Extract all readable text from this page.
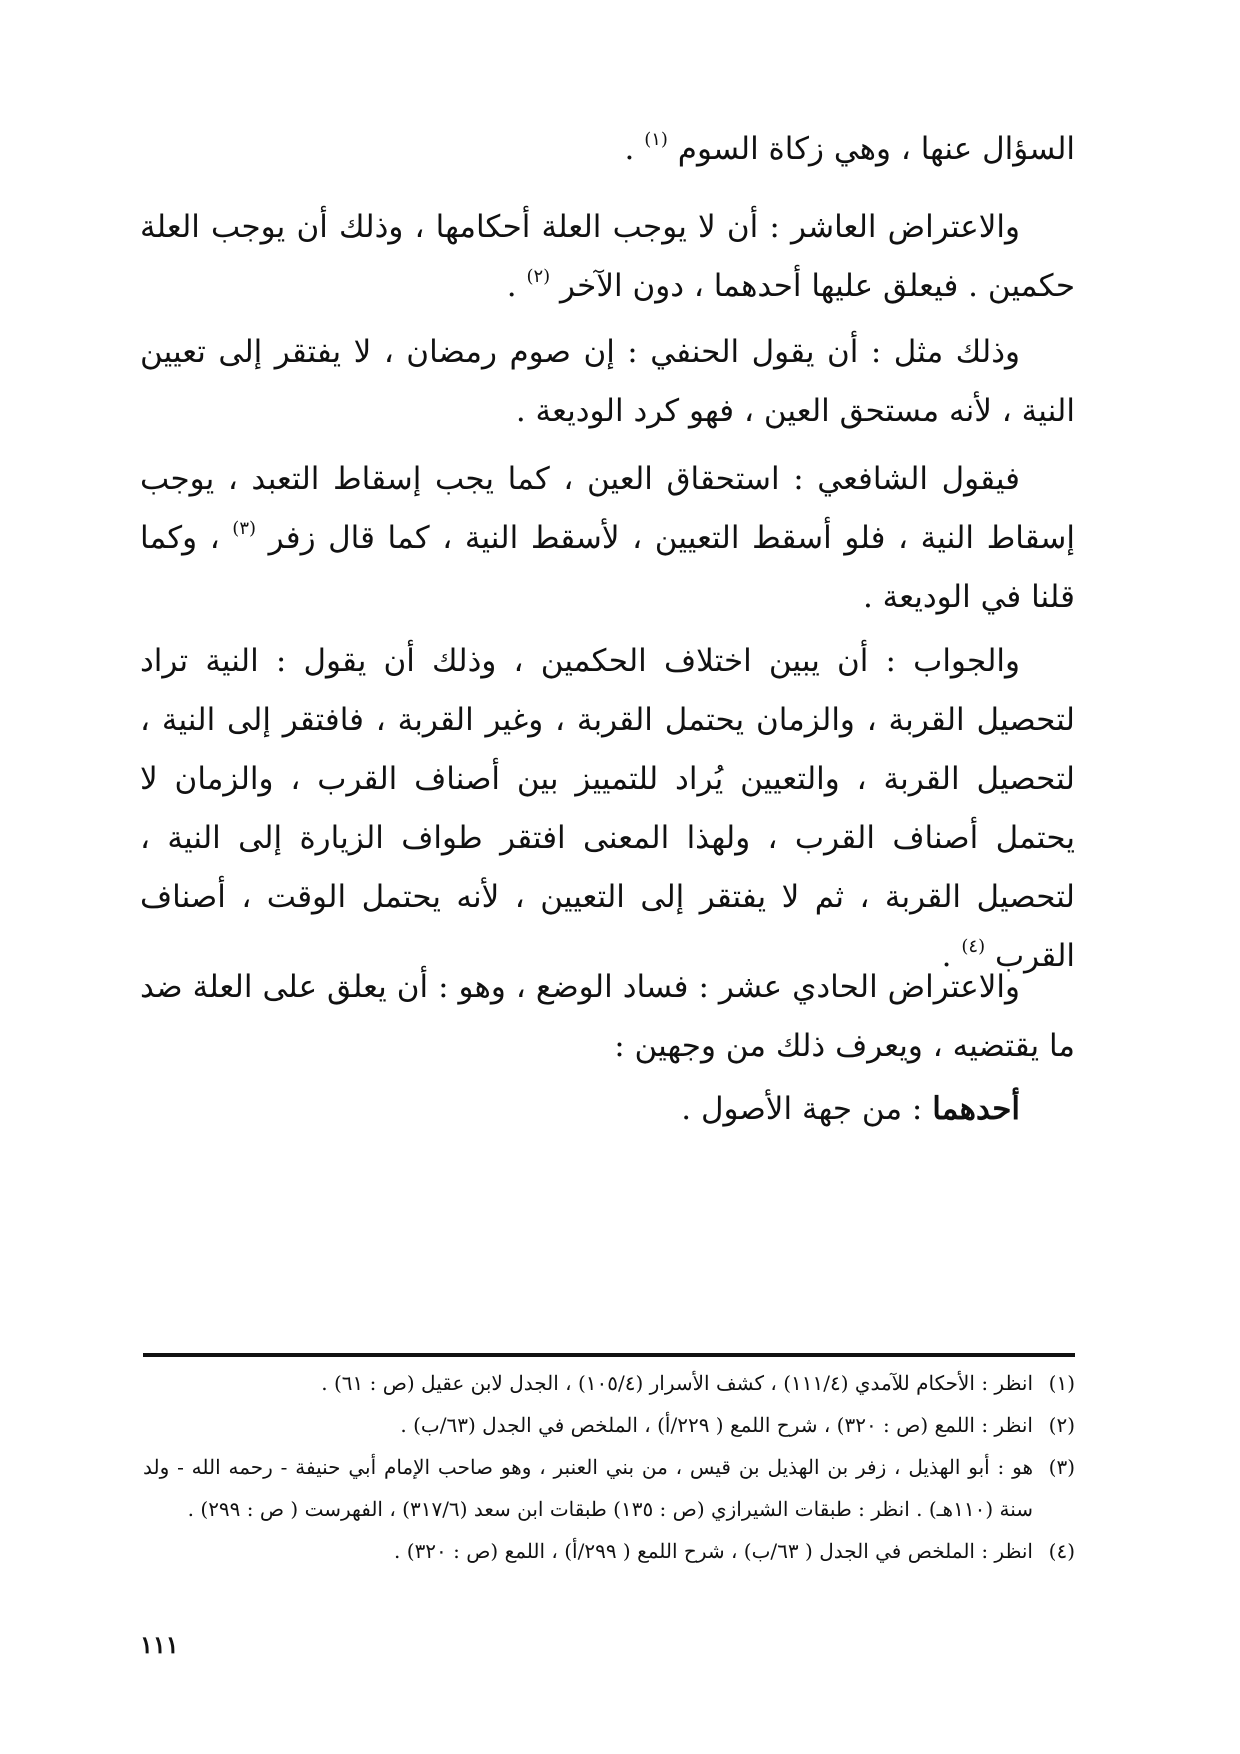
السؤال عنها ، وهي زكاة السوم $^{(١)}$ .

والاعتراض العاشر : أن لا يوجب العلة أحكامها ، وذلك أن يوجب العلة حكمين . فيعلق عليها أحدهما ، دون الآخر $^{(٢)}$ .

وذلك مثل : أن يقول الحنفي : إن صوم رمضان ، لا يفتقر إلى تعيين النية ، لأنه مستحق العين ، فهو كرد الوديعة .

فيقول الشافعي : استحقاق العين ، كما يجب إسقاط التعبد ، يوجب إسقاط النية ، فلو أسقط التعيين ، لأسقط النية ، كما قال زفر $^{(٣)}$ ، وكما قلنا في الوديعة .

والجواب : أن يبين اختلاف الحكمين ، وذلك أن يقول : النية تراد لتحصيل القربة ، والزمان يحتمل القربة ، وغير القربة ، فافتقر إلى النية ، لتحصيل القربة ، والتعيين يُراد للتمييز بين أصناف القرب ، والزمان لا يحتمل أصناف القرب ، ولهذا المعنى افتقر طواف الزيارة إلى النية ، لتحصيل القربة ، ثم لا يفتقر إلى التعيين ، لأنه يحتمل الوقت ، أصناف القرب $^{(٤)}$ .

والاعتراض الحادي عشر : فساد الوضع ، وهو : أن يعلق على العلة ضد ما يقتضيه ، ويعرف ذلك من وجهين :

أحدهما : من جهة الأصول .

(١)
انظر : الأحكام للآمدي (١١١/٤) ، كشف الأسرار (١٠٥/٤) ، الجدل لابن عقيل (ص : ٦١) .
(٢)
انظر : اللمع (ص : ٣٢٠) ، شرح اللمع ( ٢٢٩/أ) ، الملخص في الجدل (٦٣/ب) .
(٣)
هو : أبو الهذيل ، زفر بن الهذيل بن قيس ، من بني العنبر ، وهو صاحب الإمام أبي حنيفة - رحمه الله - ولد سنة (١١٠هـ) . انظر : طبقات الشيرازي (ص : ١٣٥) طبقات ابن سعد (٣١٧/٦) ، الفهرست ( ص : ٢٩٩) .
(٤)
انظر : الملخص في الجدل ( ٦٣/ب) ، شرح اللمع ( ٢٩٩/أ) ، اللمع (ص : ٣٢٠) .
١١١
